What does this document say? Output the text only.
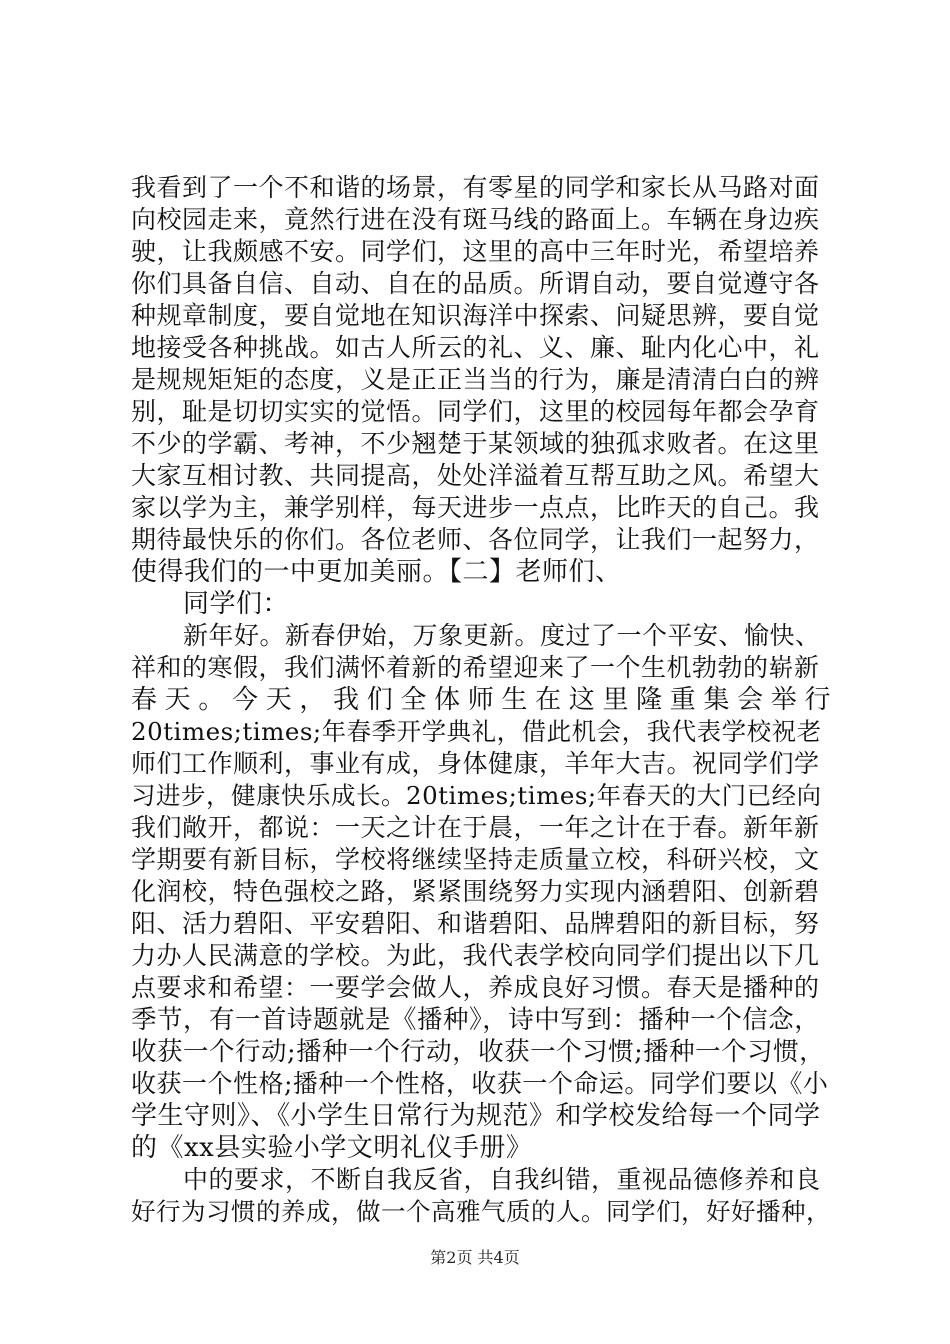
我看到了一个不和谐的场景，有零星的同学和家长从马路对面
向校园走来，竟然行进在没有斑马线的路面上。车辆在身边疾
驶，让我颇感不安。同学们，这里的高中三年时光，希望培养
你们具备自信、自动、自在的品质。所谓自动，要自觉遵守各
种规章制度，要自觉地在知识海洋中探索、问疑思辨，要自觉
地接受各种挑战。如古人所云的礼、义、廉、耻内化心中，礼
是规规矩矩的态度，义是正正当当的行为，廉是清清白白的辨
别，耻是切切实实的觉悟。同学们，这里的校园每年都会孕育
不少的学霸、考神，不少翘楚于某领域的独孤求败者。在这里
大家互相讨教、共同提高，处处洋溢着互帮互助之风。希望大
家以学为主，兼学别样，每天进步一点点，比昨天的自己。我
期待最快乐的你们。各位老师、各位同学，让我们一起努力，
使得我们的一中更加美丽。【二】老师们、
同学们：
新年好。新春伊始，万象更新。度过了一个平安、愉快、
祥和的寒假，我们满怀着新的希望迎来了一个生机勃勃的崭新
春天。今天，我们全体师生在这里隆重集会举行
20times;times;年春季开学典礼，借此机会，我代表学校祝老
师们工作顺利，事业有成，身体健康，羊年大吉。祝同学们学
习进步，健康快乐成长。20times;times;年春天的大门已经向
我们敞开，都说：一天之计在于晨，一年之计在于春。新年新
学期要有新目标，学校将继续坚持走质量立校，科研兴校，文
化润校，特色强校之路，紧紧围绕努力实现内涵碧阳、创新碧
阳、活力碧阳、平安碧阳、和谐碧阳、品牌碧阳的新目标，努
力办人民满意的学校。为此，我代表学校向同学们提出以下几
点要求和希望：一要学会做人，养成良好习惯。春天是播种的
季节，有一首诗题就是《播种》，诗中写到：播种一个信念，
收获一个行动;播种一个行动，收获一个习惯;播种一个习惯，
收获一个性格;播种一个性格，收获一个命运。同学们要以《小
学生守则》、《小学生日常行为规范》和学校发给每一个同学
的《xx县实验小学文明礼仪手册》
中的要求，不断自我反省，自我纠错，重视品德修养和良
好行为习惯的养成，做一个高雅气质的人。同学们，好好播种，
第2页 共4页
